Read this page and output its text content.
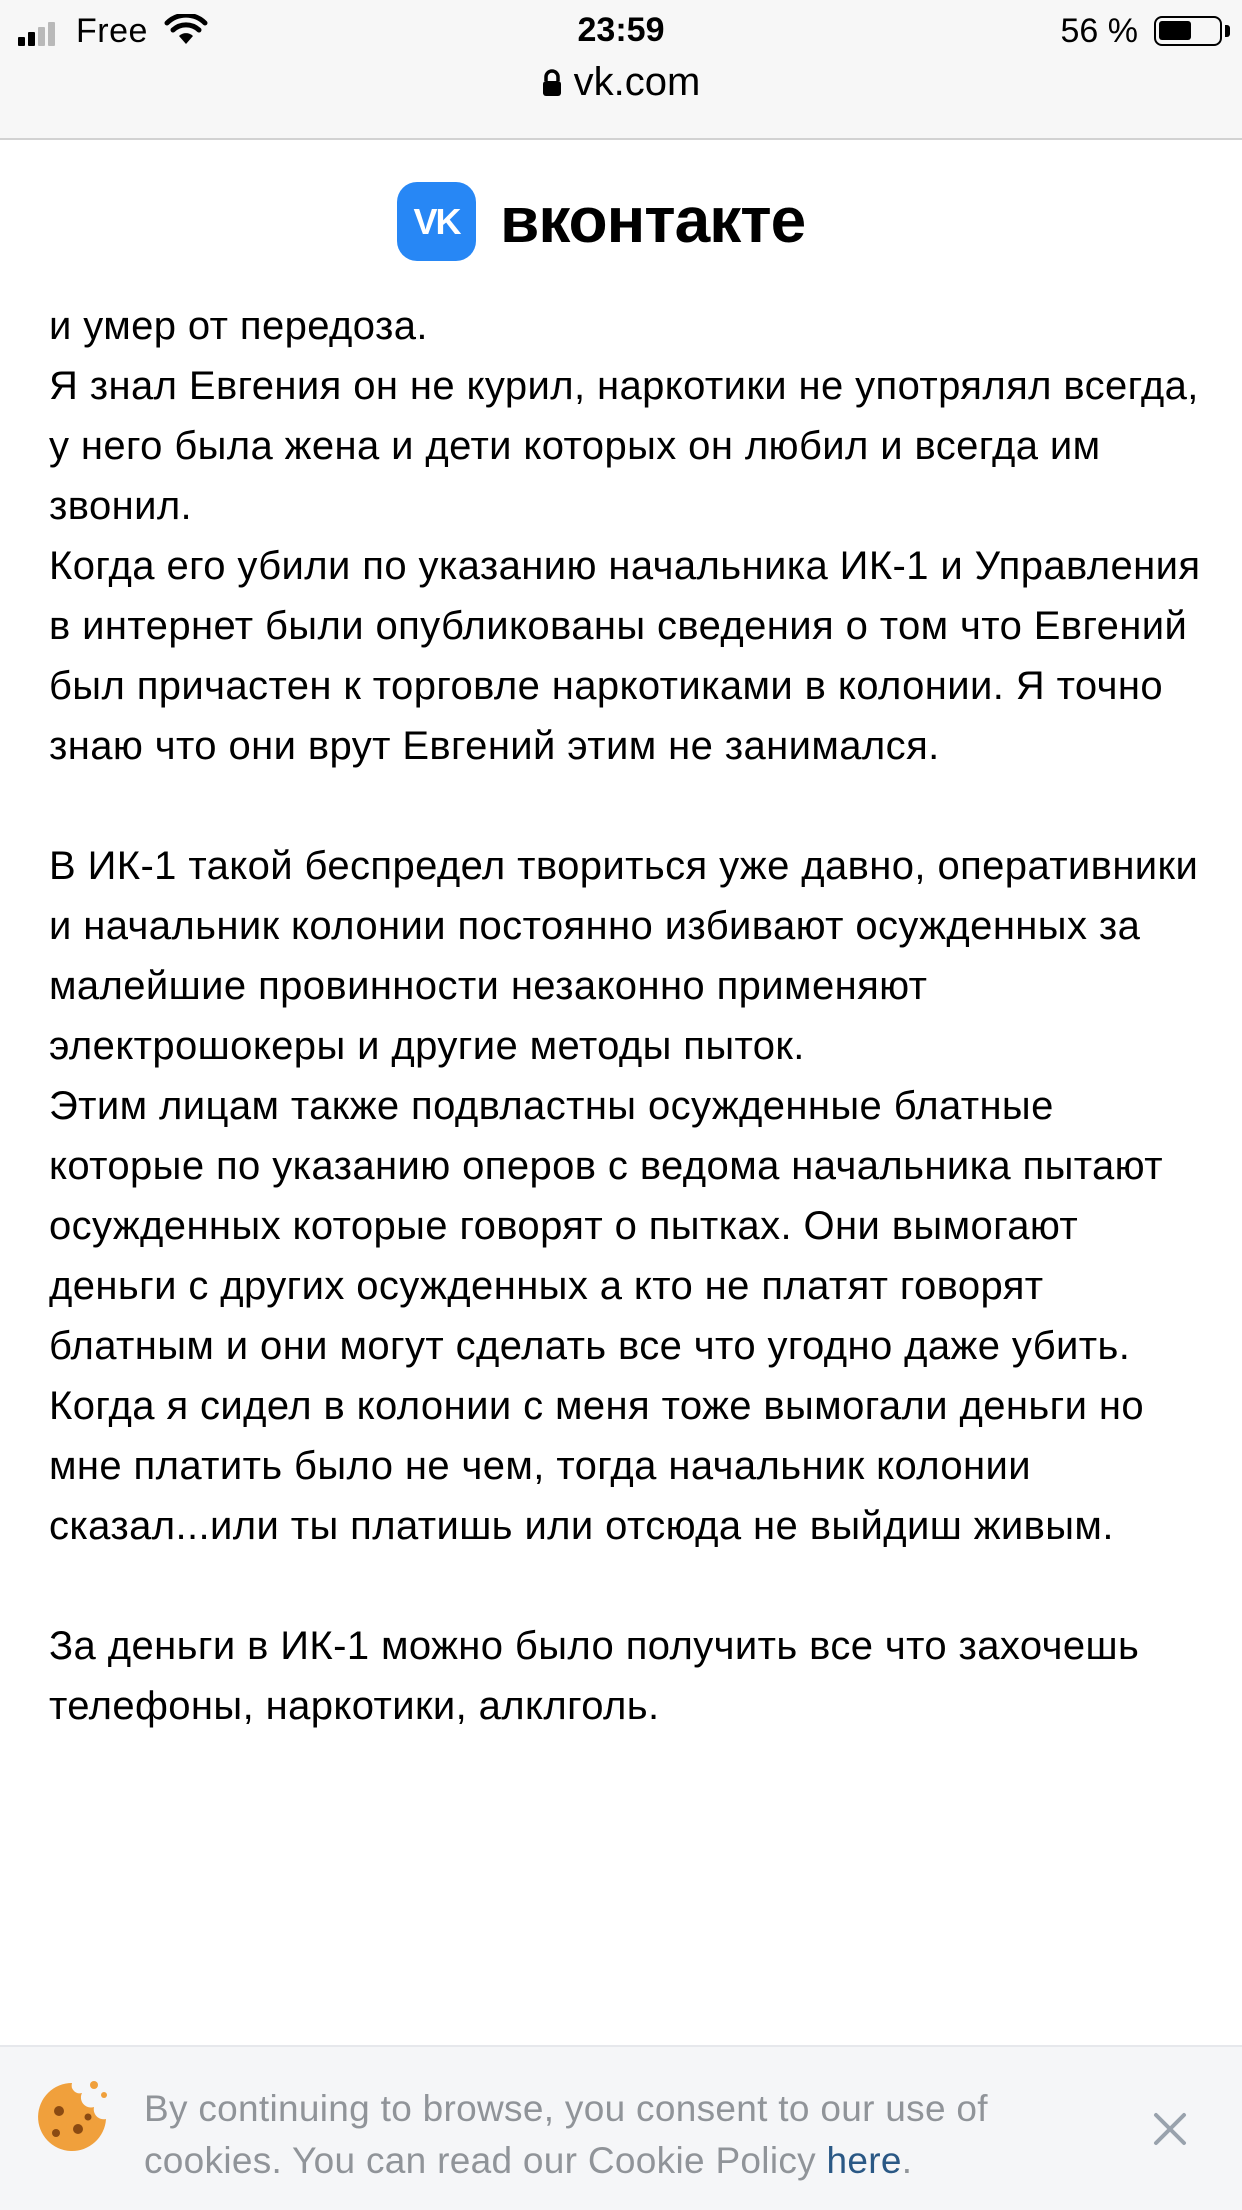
Free	23:59	56 %
vk.com
VK вконтакте

и умер от передоза.
Я знал Евгения он не курил, наркотики не употрялял всегда, у него была жена и дети которых он любил и всегда им звонил.
Когда его убили по указанию начальника ИК-1 и Управления в интернет были опубликованы сведения о том что Евгений был причастен к торговле наркотиками в колонии. Я точно знаю что они врут Евгений этим не занимался.

В ИК-1 такой беспредел твориться уже давно, оперативники и начальник колонии постоянно избивают осужденных за малейшие провинности незаконно применяют электрошокеры и другие методы пыток.
Этим лицам также подвластны осужденные блатные которые по указанию оперов с ведома начальника пытают осужденных которые говорят о пытках. Они вымогают деньги с других осужденных а кто не платят говорят блатным и они могут сделать все что угодно даже убить.
Когда я сидел в колонии с меня тоже вымогали деньги но мне платить было не чем, тогда начальник колонии сказал...или ты платишь или отсюда не выйдиш живым.

За деньги в ИК-1 можно было получить все что захочешь телефоны, наркотики, алклголь.

By continuing to browse, you consent to our use of cookies. You can read our Cookie Policy here.
